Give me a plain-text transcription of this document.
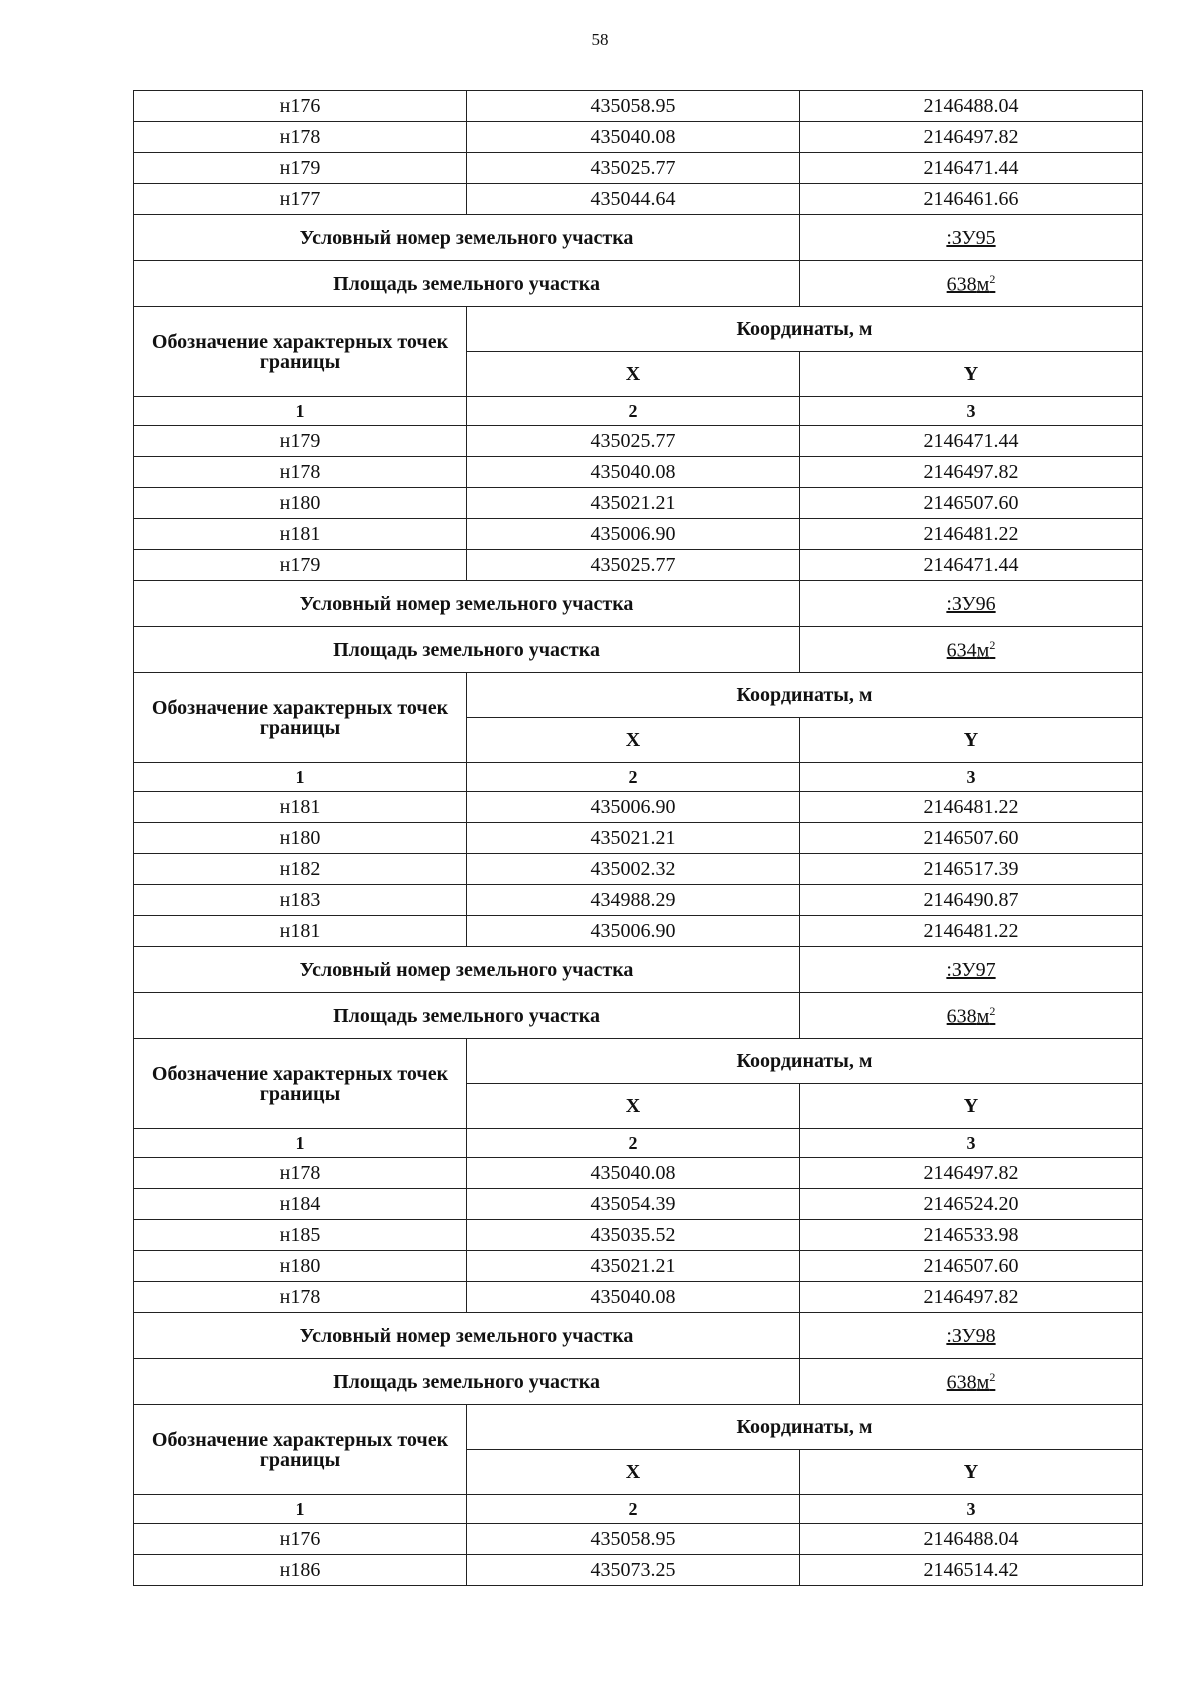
58
н176	435058.95	2146488.04
н178	435040.08	2146497.82
н179	435025.77	2146471.44
н177	435044.64	2146461.66
Условный номер земельного участка		:ЗУ95
Площадь земельного участка		$638м^2$
Обозначение характерных точек границы	Координаты, м	
	X	Y
1	2	3
н179	435025.77	2146471.44
н178	435040.08	2146497.82
н180	435021.21	2146507.60
н181	435006.90	2146481.22
н179	435025.77	2146471.44
Условный номер земельного участка		:ЗУ96
Площадь земельного участка		$634м^2$
Обозначение характерных точек границы	Координаты, м	
	X	Y
1	2	3
н181	435006.90	2146481.22
н180	435021.21	2146507.60
н182	435002.32	2146517.39
н183	434988.29	2146490.87
н181	435006.90	2146481.22
Условный номер земельного участка		:ЗУ97
Площадь земельного участка		$638м^2$
Обозначение характерных точек границы	Координаты, м	
	X	Y
1	2	3
н178	435040.08	2146497.82
н184	435054.39	2146524.20
н185	435035.52	2146533.98
н180	435021.21	2146507.60
н178	435040.08	2146497.82
Условный номер земельного участка		:ЗУ98
Площадь земельного участка		$638м^2$
Обозначение характерных точек границы	Координаты, м	
	X	Y
1	2	3
н176	435058.95	2146488.04
н186	435073.25	2146514.42
